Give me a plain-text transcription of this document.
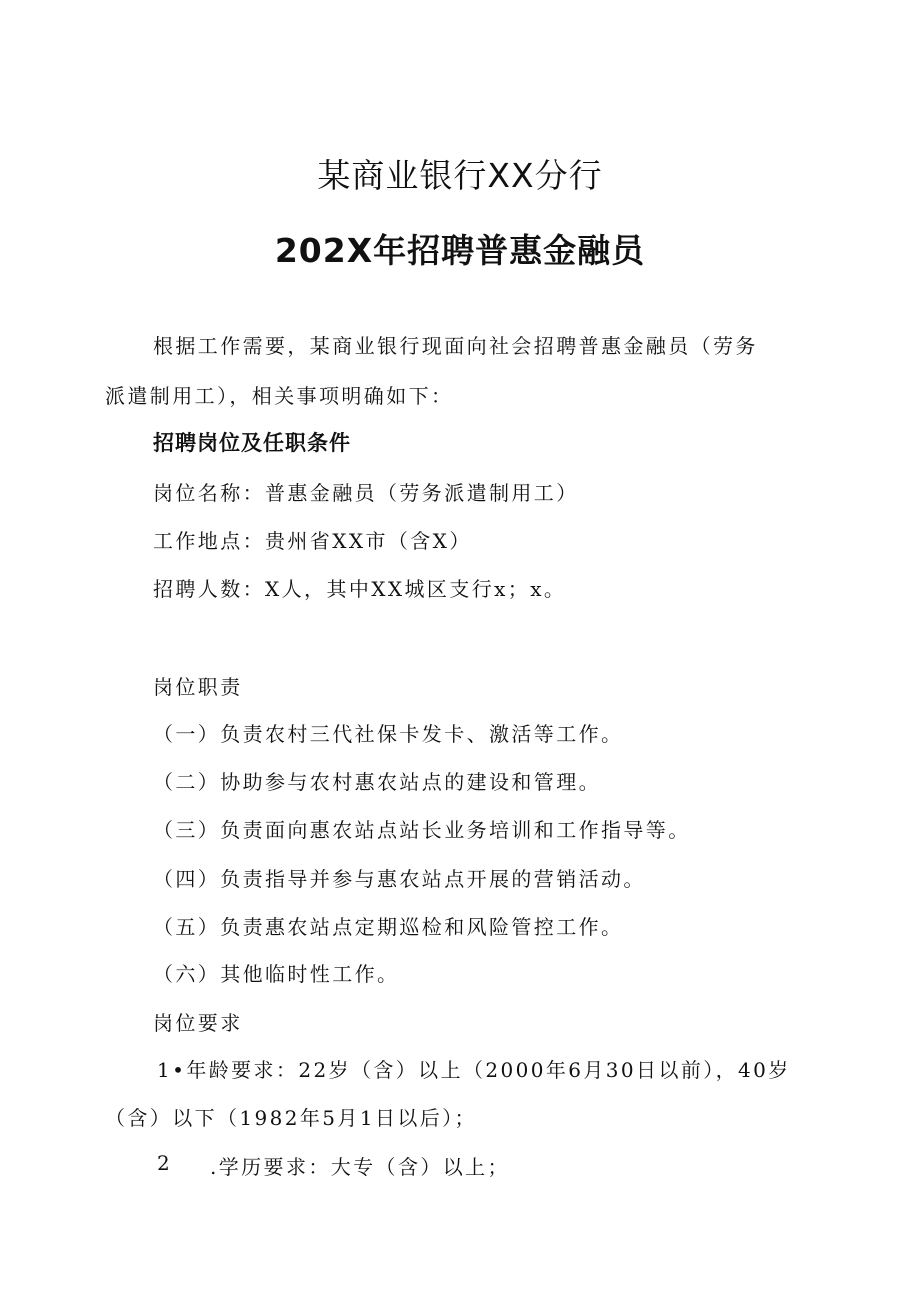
某商业银行XX分行
202X年招聘普惠金融员
根据工作需要，某商业银行现面向社会招聘普惠金融员（劳务
派遣制用工），相关事项明确如下：
招聘岗位及任职条件
岗位名称：普惠金融员（劳务派遣制用工）
工作地点：贵州省XX市（含X）
招聘人数：X人，其中XX城区支行x；x。
岗位职责
（一）负责农村三代社保卡发卡、激活等工作。
（二）协助参与农村惠农站点的建设和管理。
（三）负责面向惠农站点站长业务培训和工作指导等。
（四）负责指导并参与惠农站点开展的营销活动。
（五）负责惠农站点定期巡检和风险管控工作。
（六）其他临时性工作。
岗位要求
1•年龄要求：22岁（含）以上（2000年6月30日以前），40岁
（含）以下（1982年5月1日以后）；
2 .学历要求：大专（含）以上；
